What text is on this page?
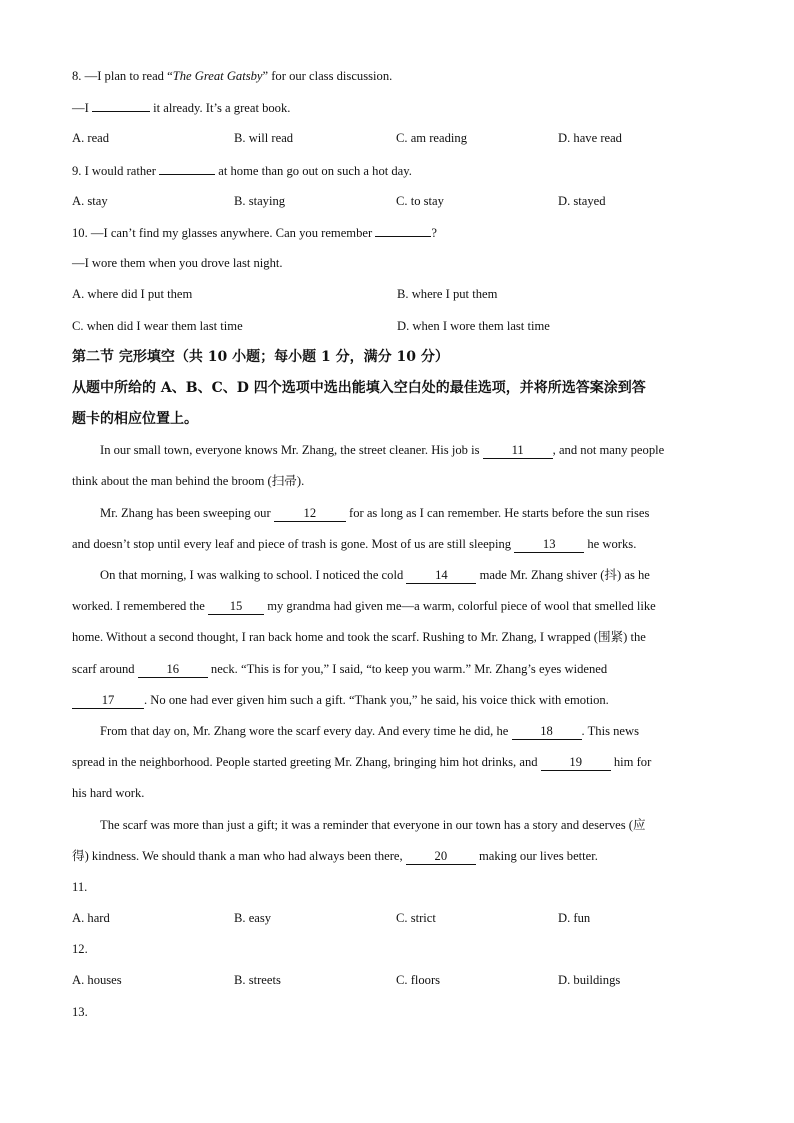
8. —I plan to read “The Great Gatsby” for our class discussion.
—I	it already. It’s a great book.
A. read	B. will read	C. am reading	D. have read
9. I would rather	at home than go out on such a hot day.
A. stay	B. staying	C. to stay	D. stayed
10. —I can’t find my glasses anywhere. Can you remember	?
—I wore them when you drove last night.
A. where did I put them	B. where I put them
C. when did I wear them last time	D. when I wore them last time
第二节 完形填空（共 10 小题；每小题 1 分，满分 10 分）
从题中所给的 A、B、C、D 四个选项中选出能填入空白处的最佳选项，并将所选答案涂到答
题卡的相应位置上。
In our small town, everyone knows Mr. Zhang, the street cleaner. His job is	11 , and not many people
think about the man behind the broom (扫帚).
Mr. Zhang has been sweeping our	12	for as long as I can remember. He starts before the sun rises
and doesn’t stop until every leaf and piece of trash is gone. Most of us are still sleeping	13	he works.
On that morning, I was walking to school. I noticed the cold	14	made Mr. Zhang shiver (抖) as he
worked. I remembered the 15 my grandma had given me—a warm, colorful piece of wool that smelled like
home. Without a second thought, I ran back home and took the scarf. Rushing to Mr. Zhang, I wrapped (围紧) the
scarf around	16	neck. “This is for you,” I said, “to keep you warm.” Mr. Zhang’s eyes widened
17 . No one had ever given him such a gift. “Thank you,” he said, his voice thick with emotion.
From that day on, Mr. Zhang wore the scarf every day. And every time he did, he	18 . This news
spread in the neighborhood. People started greeting Mr. Zhang, bringing him hot drinks, and	19	him for
his hard work.
The scarf was more than just a gift; it was a reminder that everyone in our town has a story and deserves (应
得) kindness. We should thank a man who had always been there,	20	making our lives better.
11.
A. hard	B. easy	C. strict	D. fun
12.
A. houses	B. streets	C. floors	D. buildings
13.
